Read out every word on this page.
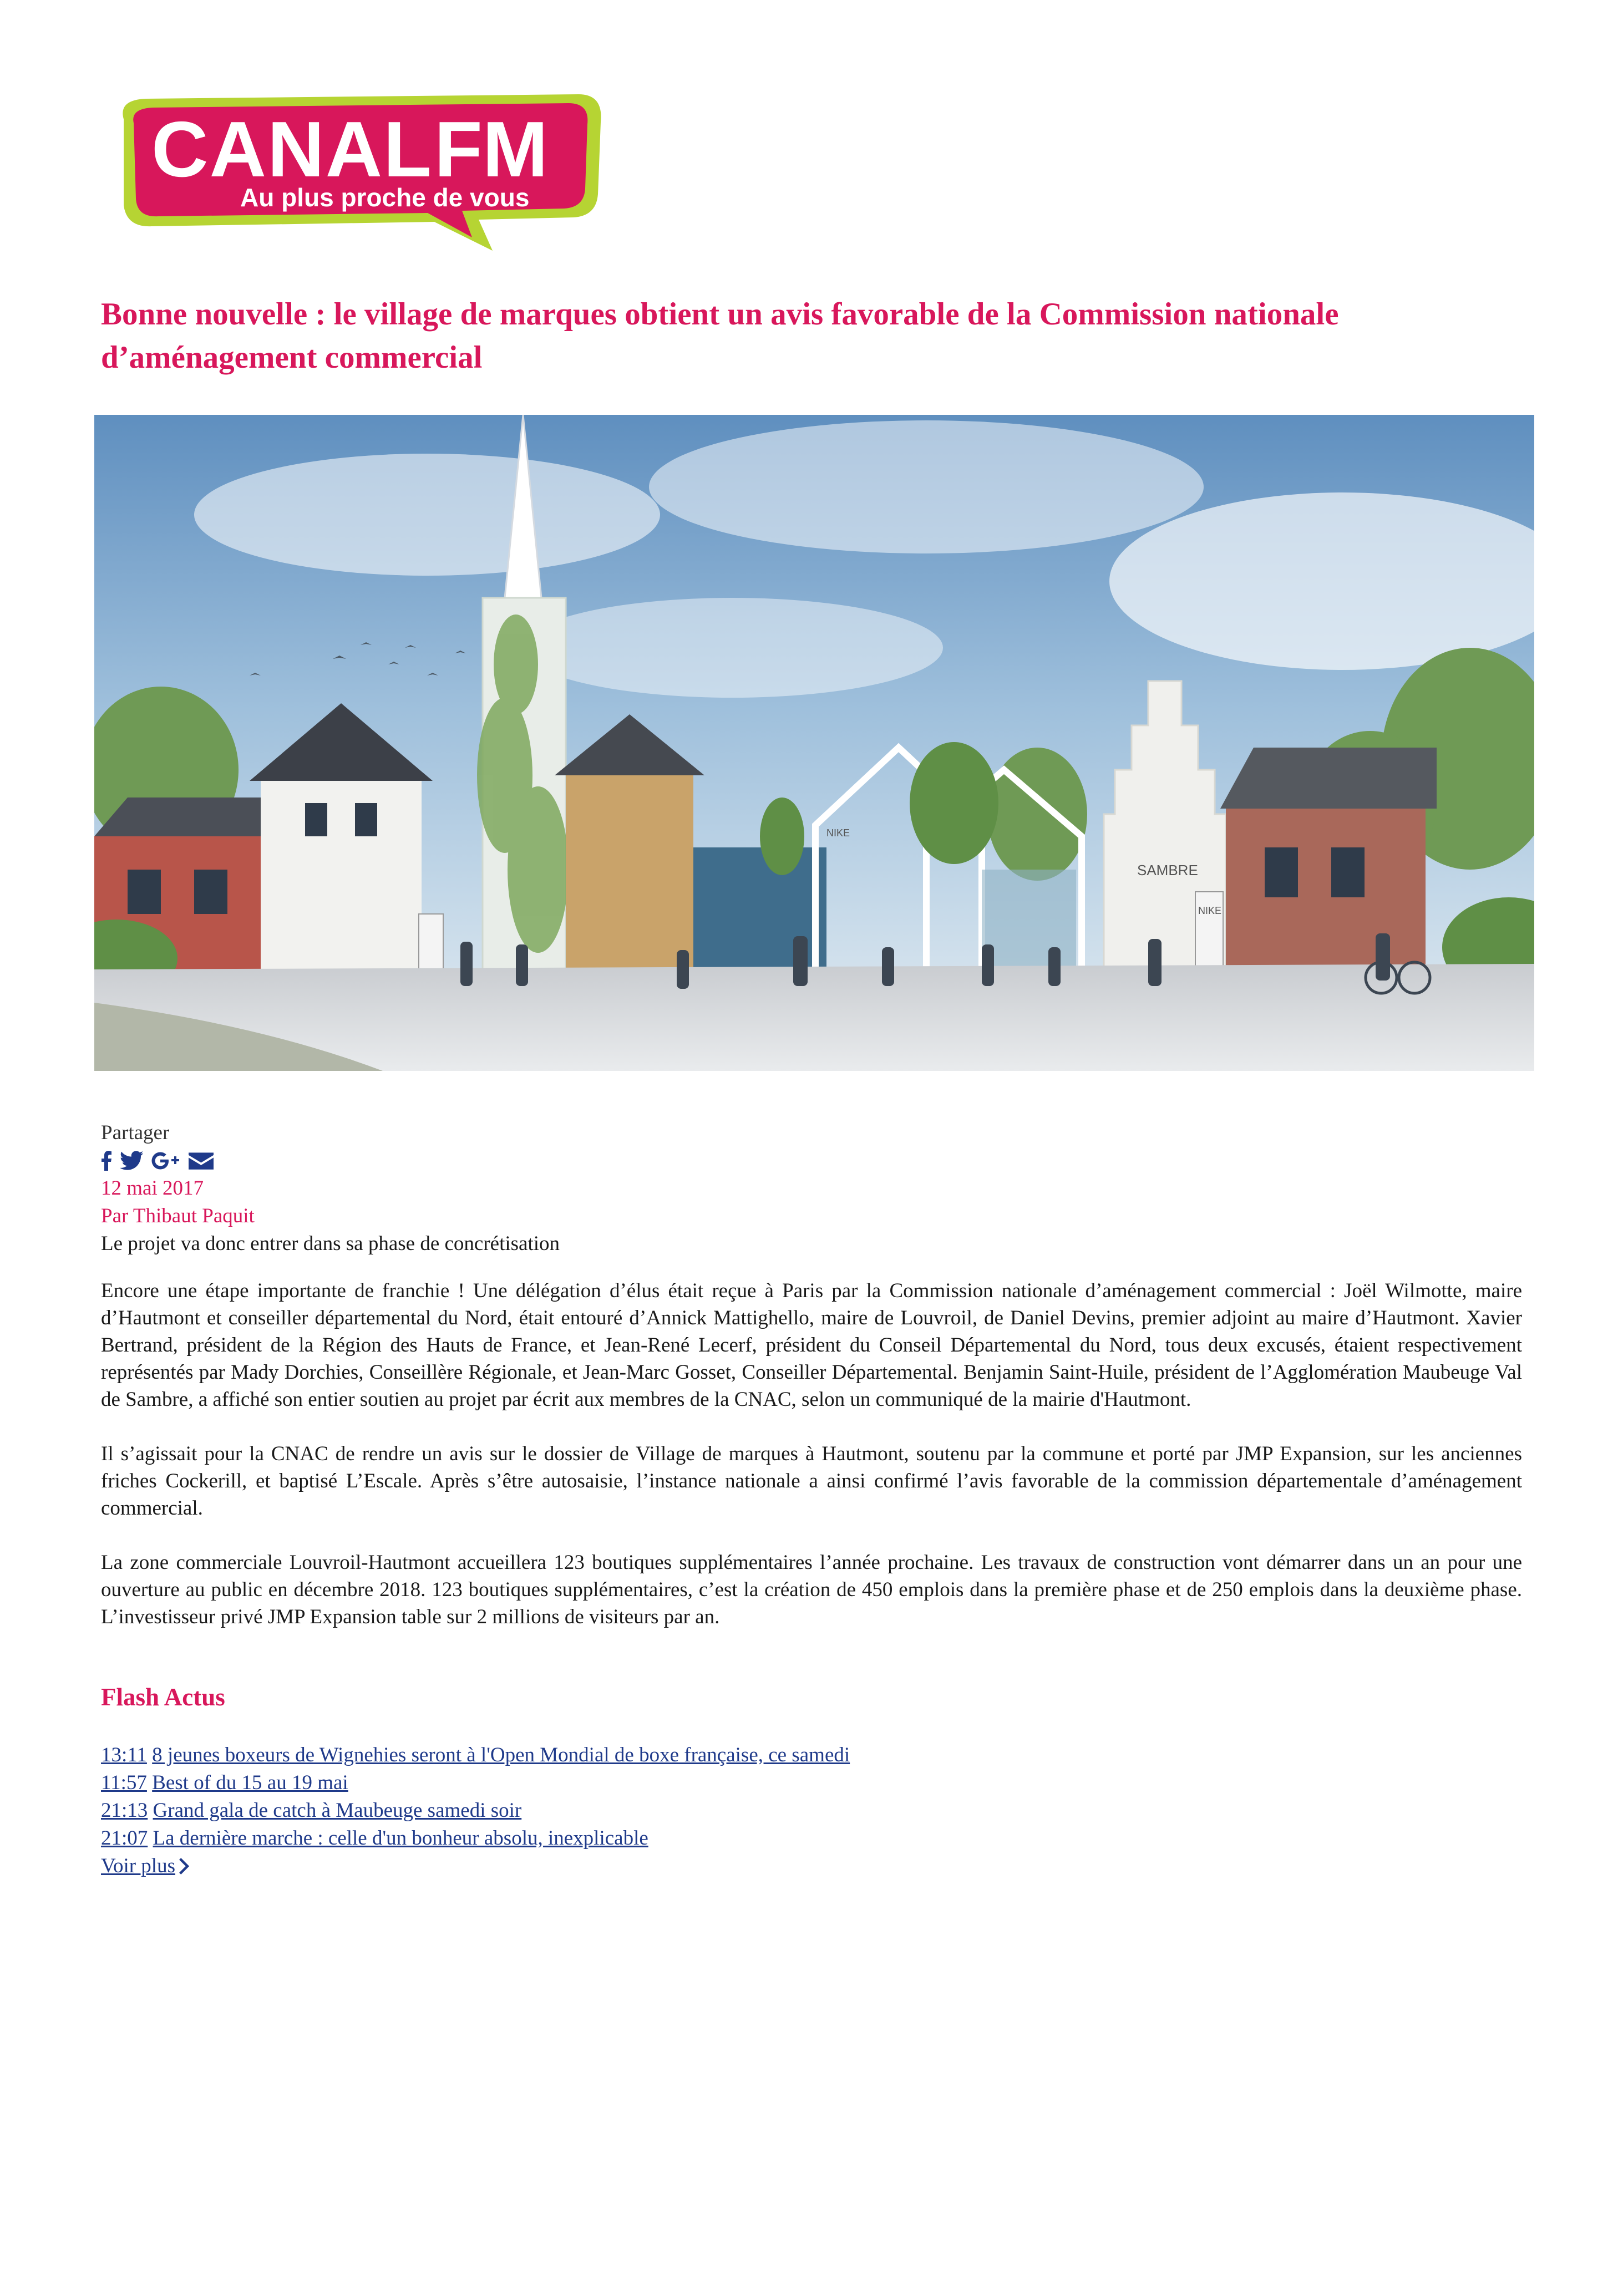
CANAL FM
Au plus proche de vous
Bonne nouvelle : le village de marques obtient un avis favorable de la Commission nationale d’aménagement commercial
SAMBRE
NIKE
NIKE
Partager
12 mai 2017
Par Thibaut Paquit
Le projet va donc entrer dans sa phase de concrétisation

Encore une étape importante de franchie ! Une délégation d’élus était reçue à Paris par la Commission nationale d’aménagement commercial : Joël Wilmotte, maire d’Hautmont et conseiller départemental du Nord, était entouré d’Annick Mattighello, maire de Louvroil, de Daniel Devins, premier adjoint au maire d’Hautmont. Xavier Bertrand, président de la Région des Hauts de France, et Jean-René Lecerf, président du Conseil Départemental du Nord, tous deux excusés, étaient respectivement représentés par Mady Dorchies, Conseillère Régionale, et Jean-Marc Gosset, Conseiller Départemental. Benjamin Saint-Huile, président de l’Agglomération Maubeuge Val de Sambre, a affiché son entier soutien au projet par écrit aux membres de la CNAC, selon un communiqué de la mairie d'Hautmont.

Il s’agissait pour la CNAC de rendre un avis sur le dossier de Village de marques à Hautmont, soutenu par la commune et porté par JMP Expansion, sur les anciennes friches Cockerill, et baptisé L’Escale. Après s’être autosaisie, l’instance nationale a ainsi confirmé l’avis favorable de la commission départementale d’aménagement commercial.

La zone commerciale Louvroil-Hautmont accueillera 123 boutiques supplémentaires l’année prochaine. Les travaux de construction vont démarrer dans un an pour une ouverture au public en décembre 2018. 123 boutiques supplémentaires, c’est la création de 450 emplois dans la première phase et de 250 emplois dans la deuxième phase. L’investisseur privé JMP Expansion table sur 2 millions de visiteurs par an.

Flash Actus
13:11 8 jeunes boxeurs de Wignehies seront à l'Open Mondial de boxe française, ce samedi
11:57 Best of du 15 au 19 mai
21:13 Grand gala de catch à Maubeuge samedi soir
21:07 La dernière marche : celle d'un bonheur absolu, inexplicable
Voir plus
